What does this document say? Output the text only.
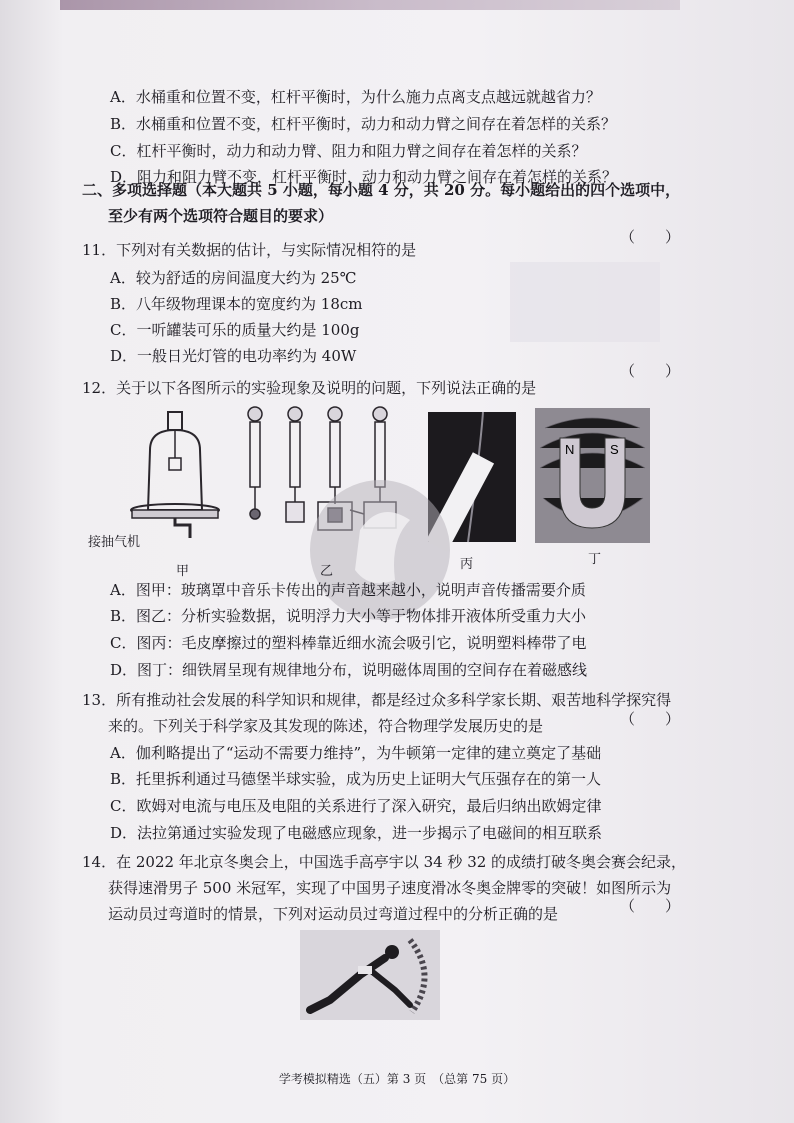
A．水桶重和位置不变，杠杆平衡时，为什么施力点离支点越远就越省力？
B．水桶重和位置不变，杠杆平衡时，动力和动力臂之间存在着怎样的关系？
C．杠杆平衡时，动力和动力臂、阻力和阻力臂之间存在着怎样的关系？
D．阻力和阻力臂不变，杠杆平衡时，动力和动力臂之间存在着怎样的关系？
二、多项选择题（本大题共 5 小题，每小题 4 分，共 20 分。每小题给出的四个选项中，
至少有两个选项符合题目的要求）
11．下列对有关数据的估计，与实际情况相符的是
（　　）
A．较为舒适的房间温度大约为 25℃
B．八年级物理课本的宽度约为 18cm
C．一听罐装可乐的质量大约是 100g
D．一般日光灯管的电功率约为 40W
（　　）
12．关于以下各图所示的实验现象及说明的问题，下列说法正确的是
接抽气机
N	S
甲	乙	丙	丁
A．图甲：玻璃罩中音乐卡传出的声音越来越小，说明声音传播需要介质
B．图乙：分析实验数据，说明浮力大小等于物体排开液体所受重力大小
C．图丙：毛皮摩擦过的塑料棒靠近细水流会吸引它，说明塑料棒带了电
D．图丁：细铁屑呈现有规律地分布，说明磁体周围的空间存在着磁感线
13．所有推动社会发展的科学知识和规律，都是经过众多科学家长期、艰苦地科学探究得
来的。下列关于科学家及其发现的陈述，符合物理学发展历史的是	（　　）
A．伽利略提出了“运动不需要力维持”，为牛顿第一定律的建立奠定了基础
B．托里拆利通过马德堡半球实验，成为历史上证明大气压强存在的第一人
C．欧姆对电流与电压及电阻的关系进行了深入研究，最后归纳出欧姆定律
D．法拉第通过实验发现了电磁感应现象，进一步揭示了电磁间的相互联系
14．在 2022 年北京冬奥会上，中国选手高亭宇以 34 秒 32 的成绩打破冬奥会赛会纪录，
获得速滑男子 500 米冠军，实现了中国男子速度滑冰冬奥金牌零的突破！如图所示为
运动员过弯道时的情景，下列对运动员过弯道过程中的分析正确的是	（　　）
学考模拟精选（五）第 3 页　（总第 75 页）
